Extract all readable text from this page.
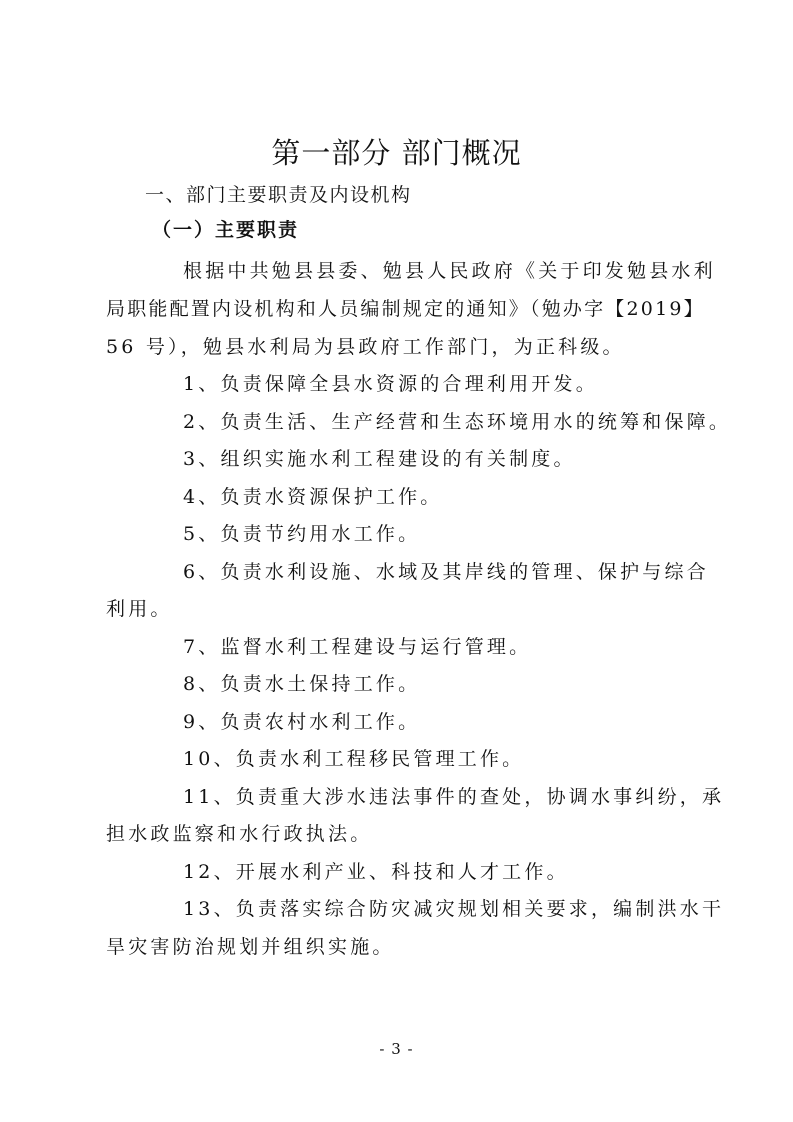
第一部分 部门概况
一、部门主要职责及内设机构
（一）主要职责
根据中共勉县县委、勉县人民政府《关于印发勉县水利
局职能配置内设机构和人员编制规定的通知》（勉办字【2019】
56 号），勉县水利局为县政府工作部门，为正科级。
1、负责保障全县水资源的合理利用开发。
2、负责生活、生产经营和生态环境用水的统筹和保障。
3、组织实施水利工程建设的有关制度。
4、负责水资源保护工作。
5、负责节约用水工作。
6、负责水利设施、水域及其岸线的管理、保护与综合
利用。
7、监督水利工程建设与运行管理。
8、负责水土保持工作。
9、负责农村水利工作。
10、负责水利工程移民管理工作。
11、负责重大涉水违法事件的查处，协调水事纠纷，承
担水政监察和水行政执法。
12、开展水利产业、科技和人才工作。
13、负责落实综合防灾减灾规划相关要求，编制洪水干
旱灾害防治规划并组织实施。
- 3 -
